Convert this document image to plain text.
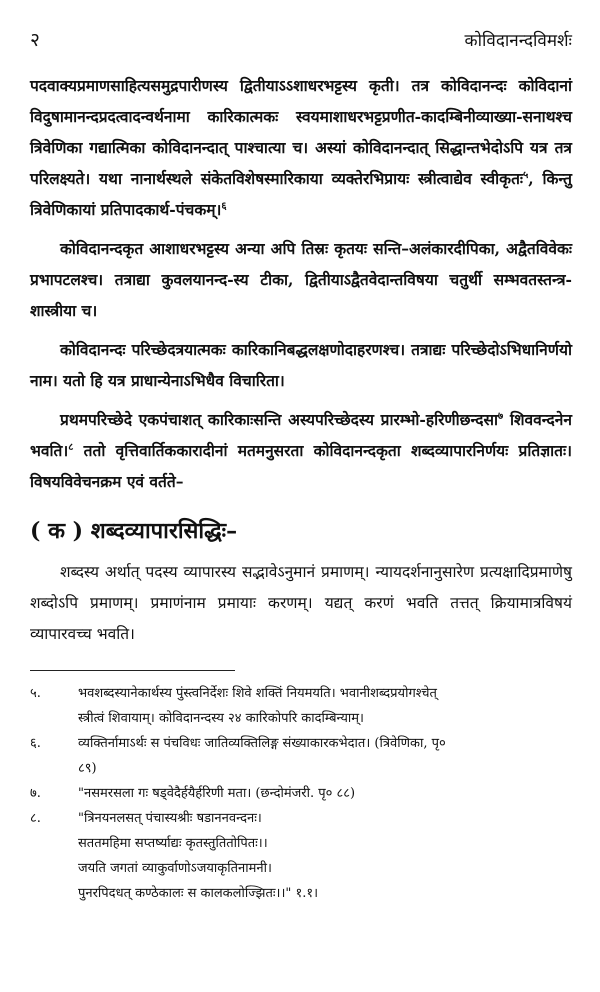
२	कोविदानन्दविमर्शः

पदवाक्यप्रमाणसाहित्यसमुद्रपारीणस्य द्वितीयाऽऽशाधरभट्टस्य कृती। तत्र कोविदानन्दः कोविदानां विदुषामानन्दप्रदत्वादन्वर्थनामा कारिकात्मकः स्वयमाशाधरभट्टप्रणीत-कादम्बिनीव्याख्या-सनाथश्च त्रिवेणिका गद्यात्मिका कोविदानन्दात् पाश्चात्या च। अस्यां कोविदानन्दात् सिद्धान्तभेदोऽपि यत्र तत्र परिलक्ष्यते। यथा नानार्थस्थले संकेतविशेषस्मारिकाया व्यक्तेरभिप्रायः स्त्रीत्वाद्येव स्वीकृतः$^५$, किन्तु त्रिवेणिकायां प्रतिपादकार्थ-पंचकम्।$^६$

कोविदानन्दकृत आशाधरभट्टस्य अन्या अपि तिस्रः कृतयः सन्ति–अलंकारदीपिका, अद्वैतविवेकः प्रभापटलश्च। तत्राद्या कुवलयानन्द-स्य टीका, द्वितीयाऽद्वैतवेदान्तविषया चतुर्थी सम्भवतस्तन्त्र-शास्त्रीया च।

कोविदानन्दः परिच्छेदत्रयात्मकः कारिकानिबद्धलक्षणोदाहरणश्च। तत्राद्यः परिच्छेदोऽभिधानिर्णयो नाम। यतो हि यत्र प्राधान्येनाऽभिधैव विचारिता।

प्रथमपरिच्छेदे एकपंचाशत् कारिकाःसन्ति अस्यपरिच्छेदस्य प्रारम्भो-हरिणीछन्दसा$^७$ शिववन्दनेन भवति।$^८$ ततो वृत्तिवार्तिककारादीनां मतमनुसरता कोविदानन्दकृता शब्दव्यापारनिर्णयः प्रतिज्ञातः। विषयविवेचनक्रम एवं वर्तते–

( क ) शब्दव्यापारसिद्धिः–

शब्दस्य अर्थात् पदस्य व्यापारस्य सद्भावेऽनुमानं प्रमाणम्। न्यायदर्शनानुसारेण प्रत्यक्षादिप्रमाणेषु शब्दोऽपि प्रमाणम्। प्रमाणंनाम प्रमायाः करणम्। यद्यत् करणं भवति तत्तत् क्रियामात्रविषयं व्यापारवच्च भवति।

५.	भवशब्दस्यानेकार्थस्य पुंस्त्वनिर्देशः शिवे शक्तिं नियमयति। भवानीशब्दप्रयोगश्चेत्
स्त्रीत्वं शिवायाम्। कोविदानन्दस्य २४ कारिकोपरि कादम्बिन्याम्।
६.	व्यक्तिर्नामाऽर्थः स पंचविधः जातिव्यक्तिलिङ्ग संख्याकारकभेदात। (त्रिवेणिका, पृ०
८९)
७.	"नसमरसला गः षड्वेदैर्हयैर्हरिणी मता। (छन्दोमंजरी. पृ० ८८)
८.	"त्रिनयनलसत् पंचास्यश्रीः षडाननवन्दनः।
सततमहिमा सप्तर्ष्याद्यः कृतस्तुतितोपितः।।
जयति जगतां व्याकुर्वाणोऽजयाकृतिनामनी।
पुनरपिदधत् कण्ठेकालः स कालकलोज्झितः।।" १.१।
